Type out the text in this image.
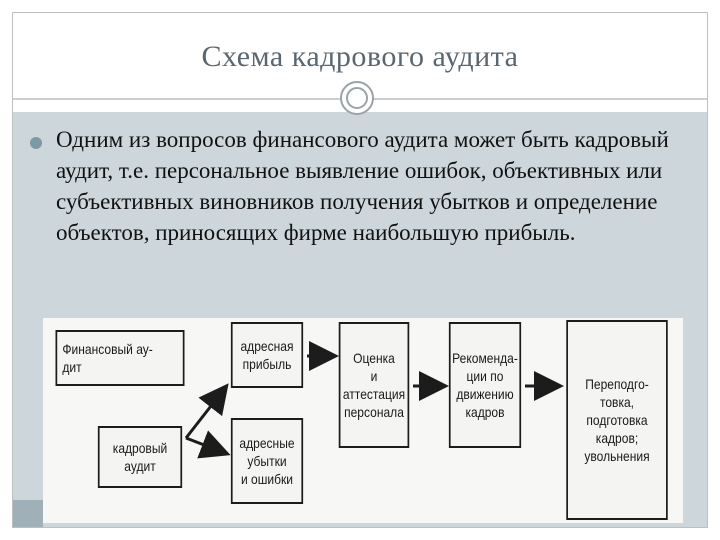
Схема кадрового аудита
Одним из вопросов финансового аудита может быть кадровый аудит, т.е. персональное выявление ошибок, объективных или субъективных виновников получения убытков и определение объектов, приносящих фирме наибольшую прибыль.
Финансовый ау-
дит
кадровый
аудит
адресная
прибыль
адресные
убытки
и ошибки
Оценка
и
аттестация
персонала
Рекоменда-
ции по
движению
кадров
Переподго-
товка,
подготовка
кадров;
увольнения
